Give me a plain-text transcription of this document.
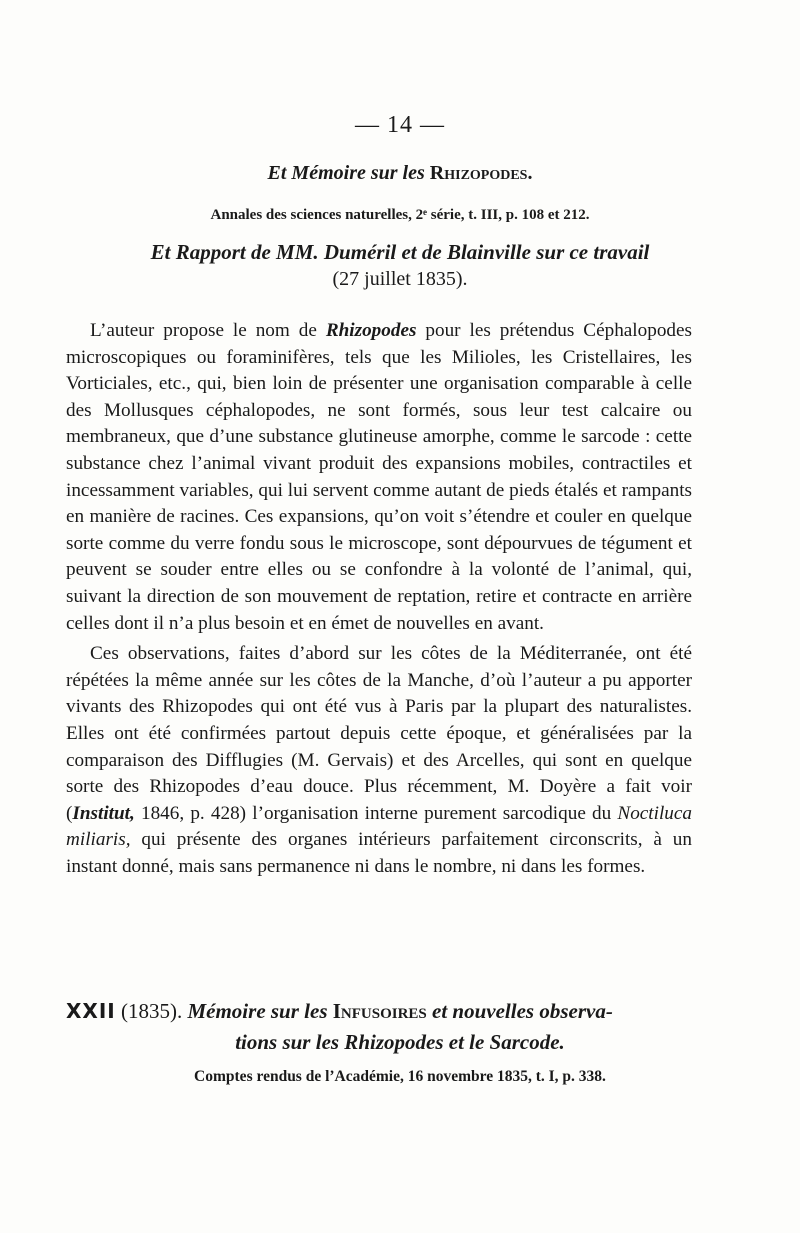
— 14 —
Et Mémoire sur les Rhizopodes.
Annales des sciences naturelles, 2ᵉ série, t. III, p. 108 et 212.
Et Rapport de MM. Duméril et de Blainville sur ce travail
(27 juillet 1835).

L’auteur propose le nom de Rhizopodes pour les prétendus Céphalopodes microscopiques ou foraminifères, tels que les Milioles, les Cristellaires, les Vorticiales, etc., qui, bien loin de présenter une organisation comparable à celle des Mollusques céphalopodes, ne sont formés, sous leur test calcaire ou membraneux, que d’une substance glutineuse amorphe, comme le sarcode : cette substance chez l’animal vivant produit des expansions mobiles, contractiles et incessamment variables, qui lui servent comme autant de pieds étalés et rampants en manière de racines. Ces expansions, qu’on voit s’étendre et couler en quelque sorte comme du verre fondu sous le microscope, sont dépourvues de tégument et peuvent se souder entre elles ou se confondre à la volonté de l’animal, qui, suivant la direction de son mouvement de reptation, retire et contracte en arrière celles dont il n’a plus besoin et en émet de nouvelles en avant.

Ces observations, faites d’abord sur les côtes de la Méditerranée, ont été répétées la même année sur les côtes de la Manche, d’où l’auteur a pu apporter vivants des Rhizopodes qui ont été vus à Paris par la plupart des naturalistes. Elles ont été confirmées partout depuis cette époque, et généralisées par la comparaison des Difflugies (M. Gervais) et des Arcelles, qui sont en quelque sorte des Rhizopodes d’eau douce. Plus récemment, M. Doyère a fait voir (Institut, 1846, p. 428) l’organisation interne purement sarcodique du Noctiluca miliaris, qui présente des organes intérieurs parfaitement circonscrits, à un instant donné, mais sans permanence ni dans le nombre, ni dans les formes.

XXII (1835). Mémoire sur les Infusoires et nouvelles observa-
tions sur les Rhizopodes et le Sarcode.
Comptes rendus de l’Académie, 16 novembre 1835, t. I, p. 338.
